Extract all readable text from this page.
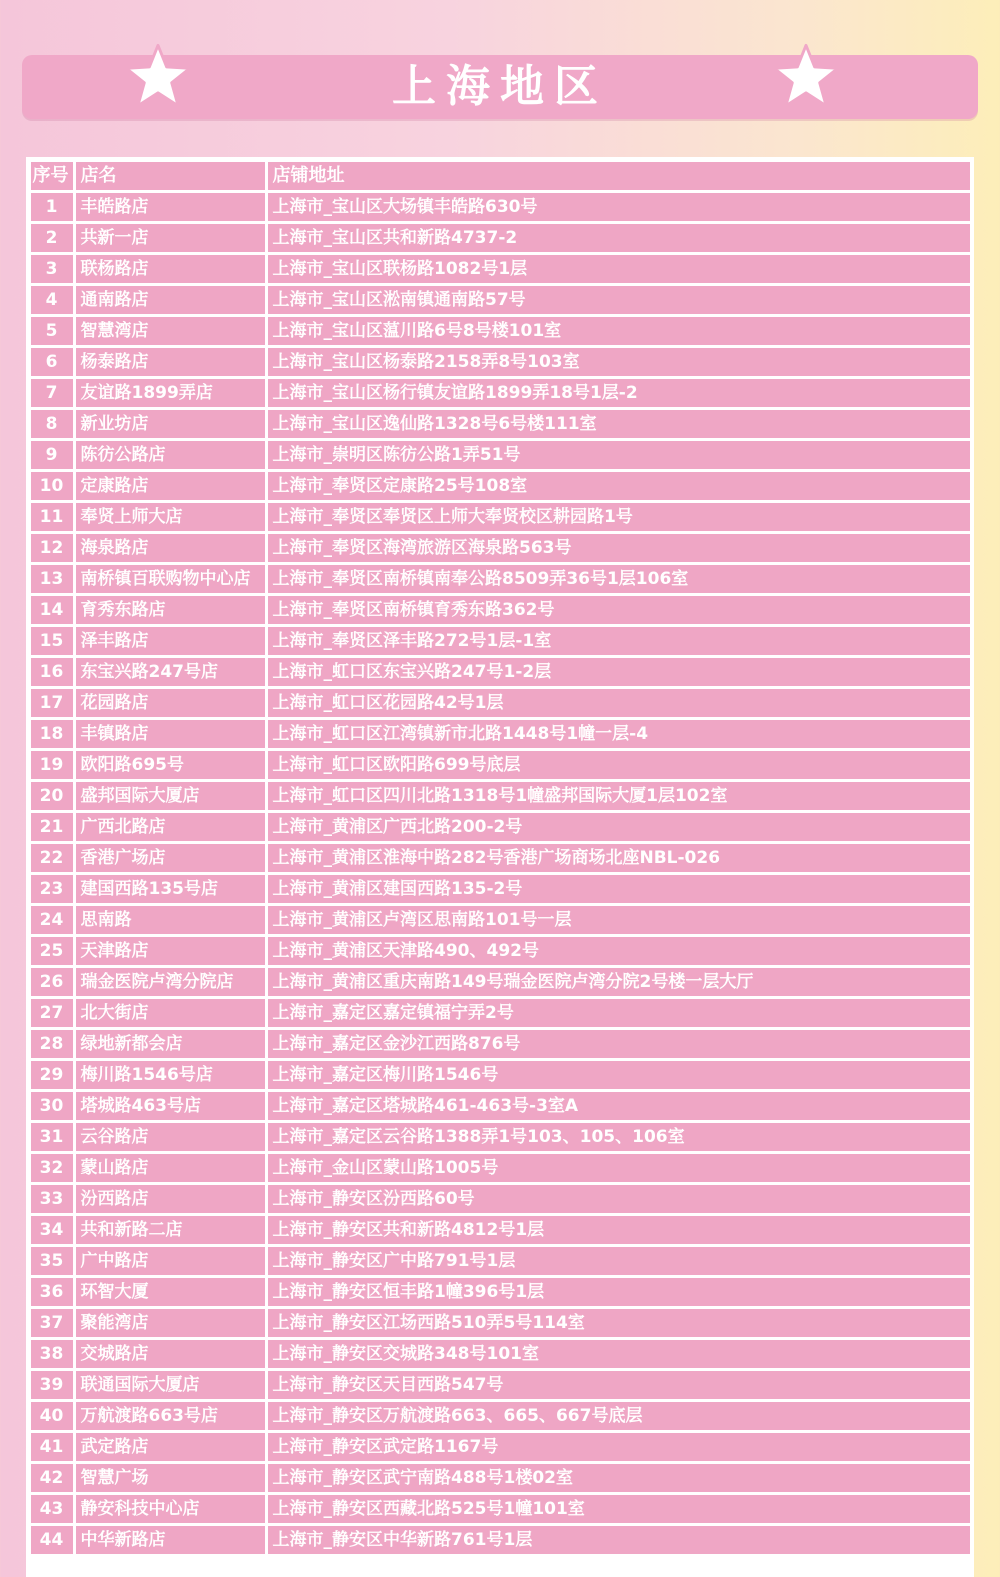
上海地区
序号 店名	店铺地址
1	丰皓路店	上海市_宝山区大场镇丰皓路630号
2	共新一店	上海市_宝山区共和新路4737-2
3	联杨路店	上海市_宝山区联杨路1082号1层
4	通南路店	上海市_宝山区淞南镇通南路57号
5	智慧湾店	上海市_宝山区蕰川路6号8号楼101室
6	杨泰路店	上海市_宝山区杨泰路2158弄8号103室
7	友谊路1899弄店	上海市_宝山区杨行镇友谊路1899弄18号1层-2
8	新业坊店	上海市_宝山区逸仙路1328号6号楼111室
9	陈彷公路店	上海市_崇明区陈彷公路1弄51号
10	定康路店	上海市_奉贤区定康路25号108室
11	奉贤上师大店	上海市_奉贤区奉贤区上师大奉贤校区耕园路1号
12	海泉路店	上海市_奉贤区海湾旅游区海泉路563号
13	南桥镇百联购物中心店	上海市_奉贤区南桥镇南奉公路8509弄36号1层106室
14	育秀东路店	上海市_奉贤区南桥镇育秀东路362号
15	泽丰路店	上海市_奉贤区泽丰路272号1层-1室
16	东宝兴路247号店	上海市_虹口区东宝兴路247号1-2层
17	花园路店	上海市_虹口区花园路42号1层
18	丰镇路店	上海市_虹口区江湾镇新市北路1448号1幢一层-4
19	欧阳路695号	上海市_虹口区欧阳路699号底层
20	盛邦国际大厦店	上海市_虹口区四川北路1318号1幢盛邦国际大厦1层102室
21	广西北路店	上海市_黄浦区广西北路200-2号
22	香港广场店	上海市_黄浦区淮海中路282号香港广场商场北座NBL-026
23	建国西路135号店	上海市_黄浦区建国西路135-2号
24	思南路	上海市_黄浦区卢湾区思南路101号一层
25	天津路店	上海市_黄浦区天津路490、492号
26	瑞金医院卢湾分院店	上海市_黄浦区重庆南路149号瑞金医院卢湾分院2号楼一层大厅
27	北大街店	上海市_嘉定区嘉定镇福宁弄2号
28	绿地新都会店	上海市_嘉定区金沙江西路876号
29	梅川路1546号店	上海市_嘉定区梅川路1546号
30	塔城路463号店	上海市_嘉定区塔城路461-463号-3室A
31	云谷路店	上海市_嘉定区云谷路1388弄1号103、105、106室
32	蒙山路店	上海市_金山区蒙山路1005号
33	汾西路店	上海市_静安区汾西路60号
34	共和新路二店	上海市_静安区共和新路4812号1层
35	广中路店	上海市_静安区广中路791号1层
36	环智大厦	上海市_静安区恒丰路1幢396号1层
37	聚能湾店	上海市_静安区江场西路510弄5号114室
38	交城路店	上海市_静安区交城路348号101室
39	联通国际大厦店	上海市_静安区天目西路547号
40	万航渡路663号店	上海市_静安区万航渡路663、665、667号底层
41	武定路店	上海市_静安区武定路1167号
42	智慧广场	上海市_静安区武宁南路488号1楼02室
43	静安科技中心店	上海市_静安区西藏北路525号1幢101室
44	中华新路店	上海市_静安区中华新路761号1层
